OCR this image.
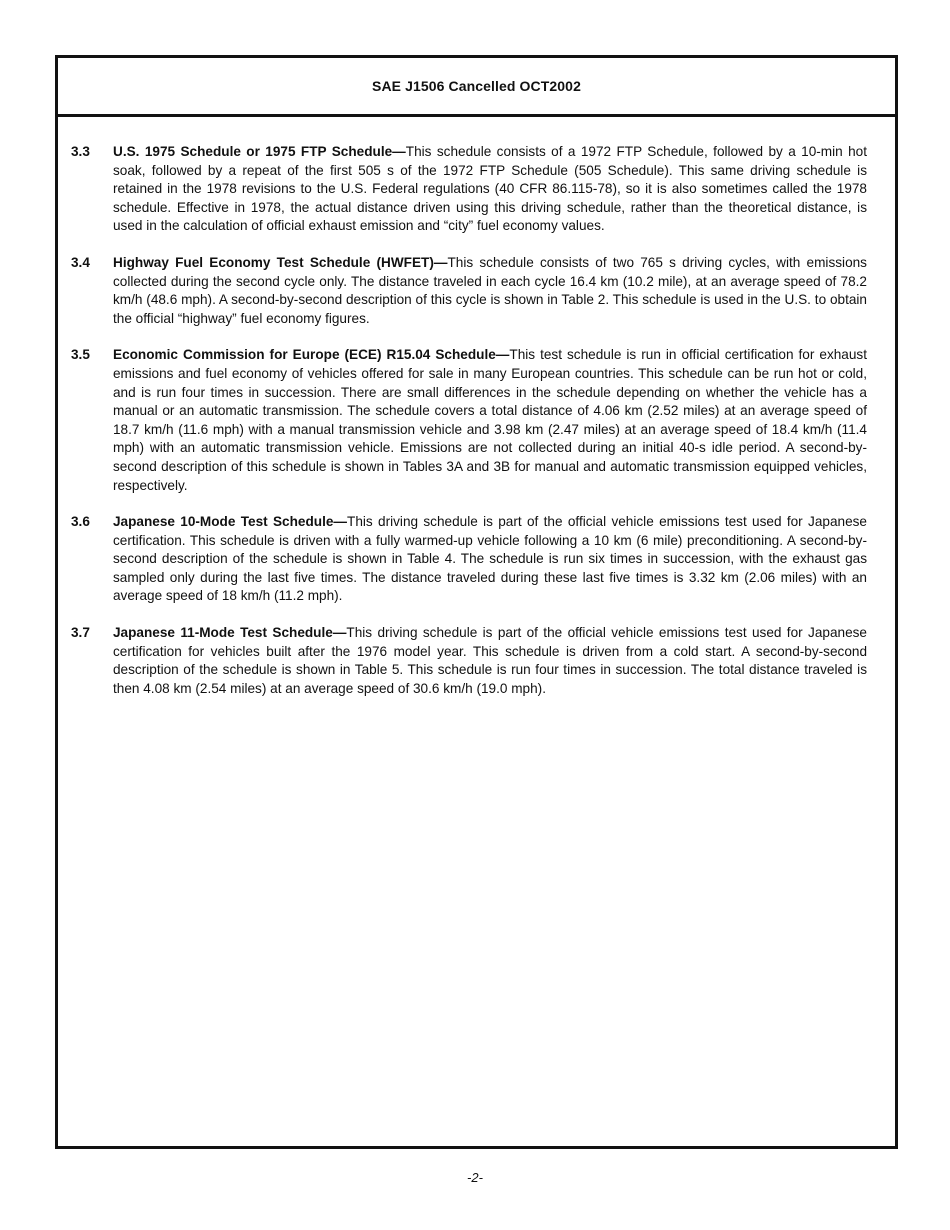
SAE J1506 Cancelled OCT2002
3.3	U.S. 1975 Schedule or 1975 FTP Schedule—This schedule consists of a 1972 FTP Schedule, followed by a 10-min hot soak, followed by a repeat of the first 505 s of the 1972 FTP Schedule (505 Schedule). This same driving schedule is retained in the 1978 revisions to the U.S. Federal regulations (40 CFR 86.115-78), so it is also sometimes called the 1978 schedule. Effective in 1978, the actual distance driven using this driving schedule, rather than the theoretical distance, is used in the calculation of official exhaust emission and “city” fuel economy values.
3.4	Highway Fuel Economy Test Schedule (HWFET)—This schedule consists of two 765 s driving cycles, with emissions collected during the second cycle only. The distance traveled in each cycle 16.4 km (10.2 mile), at an average speed of 78.2 km/h (48.6 mph). A second-by-second description of this cycle is shown in Table 2. This schedule is used in the U.S. to obtain the official “highway” fuel economy figures.
3.5	Economic Commission for Europe (ECE) R15.04 Schedule—This test schedule is run in official certification for exhaust emissions and fuel economy of vehicles offered for sale in many European countries. This schedule can be run hot or cold, and is run four times in succession. There are small differences in the schedule depending on whether the vehicle has a manual or an automatic transmission. The schedule covers a total distance of 4.06 km (2.52 miles) at an average speed of 18.7 km/h (11.6 mph) with a manual transmission vehicle and 3.98 km (2.47 miles) at an average speed of 18.4 km/h (11.4 mph) with an automatic transmission vehicle. Emissions are not collected during an initial 40-s idle period. A second-by-second description of this schedule is shown in Tables 3A and 3B for manual and automatic transmission equipped vehicles, respectively.
3.6	Japanese 10-Mode Test Schedule—This driving schedule is part of the official vehicle emissions test used for Japanese certification. This schedule is driven with a fully warmed-up vehicle following a 10 km (6 mile) preconditioning. A second-by-second description of the schedule is shown in Table 4. The schedule is run six times in succession, with the exhaust gas sampled only during the last five times. The distance traveled during these last five times is 3.32 km (2.06 miles) with an average speed of 18 km/h (11.2 mph).
3.7	Japanese 11-Mode Test Schedule—This driving schedule is part of the official vehicle emissions test used for Japanese certification for vehicles built after the 1976 model year. This schedule is driven from a cold start. A second-by-second description of the schedule is shown in Table 5. This schedule is run four times in succession. The total distance traveled is then 4.08 km (2.54 miles) at an average speed of 30.6 km/h (19.0 mph).
-2-
